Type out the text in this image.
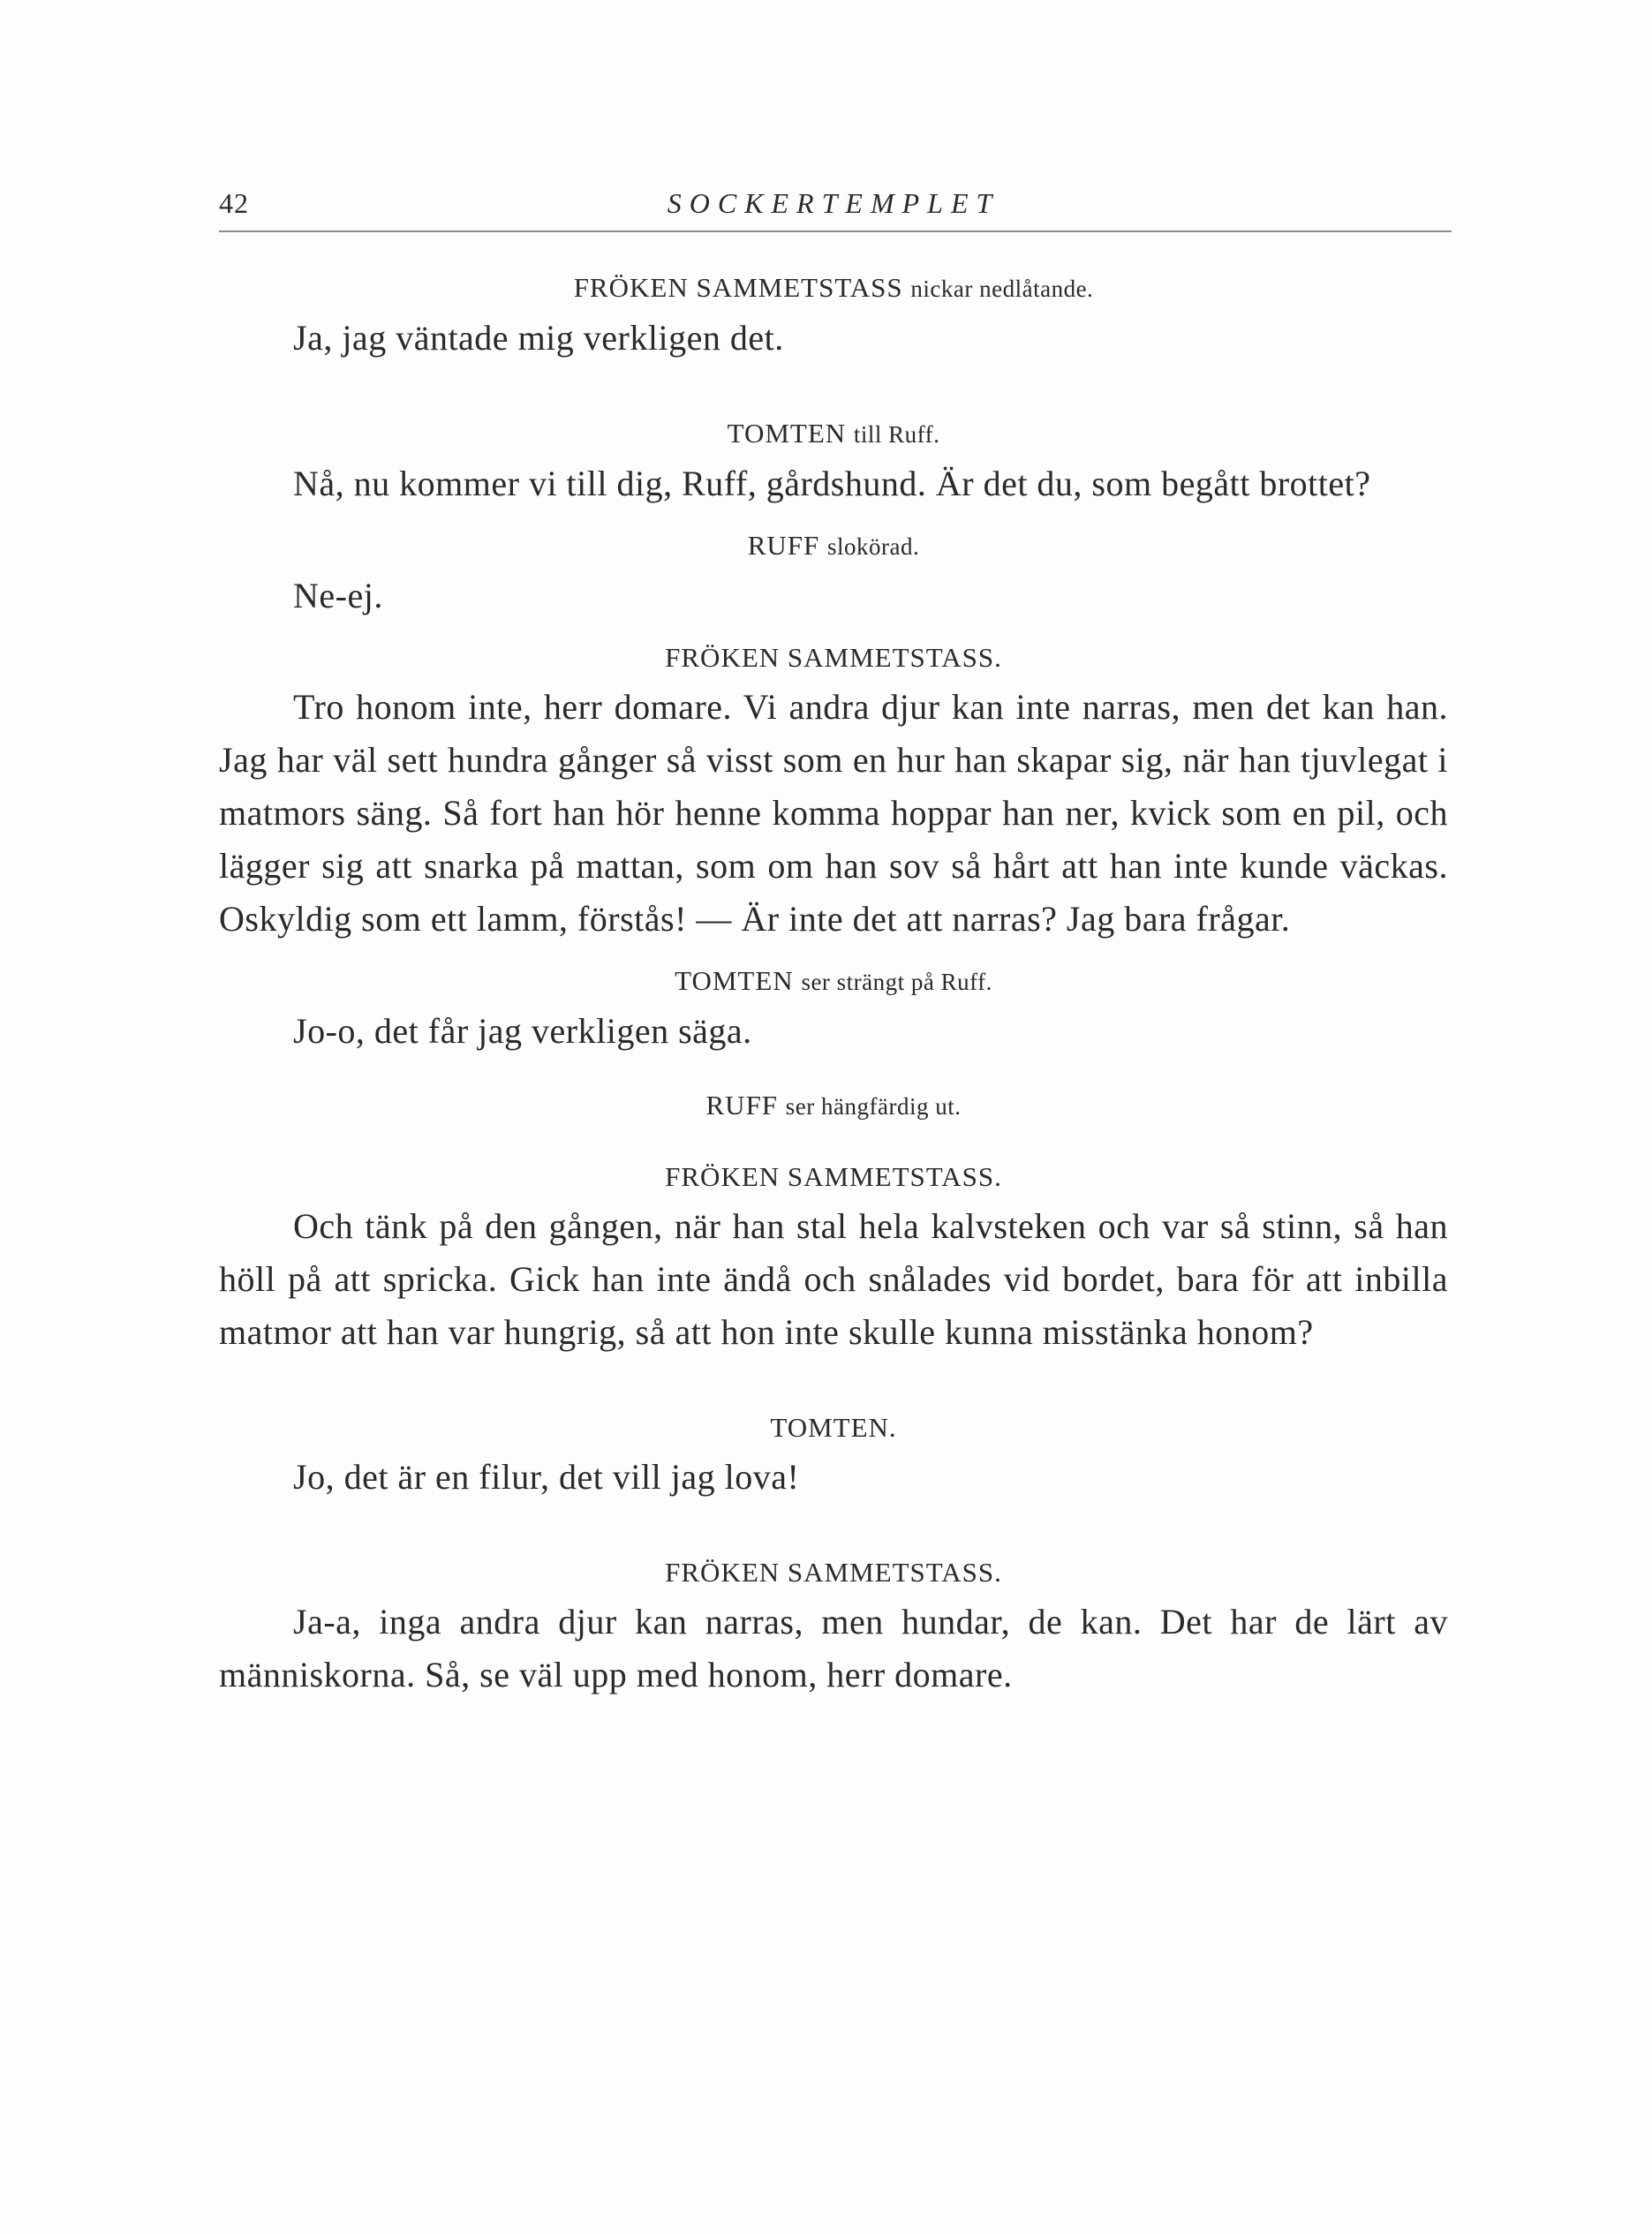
42	SOCKERTEMPLET

FRÖKEN SAMMETSTASS nickar nedlåtande.

Ja, jag väntade mig verkligen det.

TOMTEN till Ruff.

Nå, nu kommer vi till dig, Ruff, gårdshund. Är det du, som begått brottet?

RUFF slokörad.

Ne-ej.

FRÖKEN SAMMETSTASS.

Tro honom inte, herr domare. Vi andra djur kan inte narras, men det kan han. Jag har väl sett hundra gånger så visst som en hur han skapar sig, när han tjuvlegat i matmors säng. Så fort han hör henne komma hoppar han ner, kvick som en pil, och lägger sig att snarka på mattan, som om han sov så hårt att han inte kunde väckas. Oskyldig som ett lamm, förstås! — Är inte det att narras? Jag bara frågar.

TOMTEN ser strängt på Ruff.

Jo-o, det får jag verkligen säga.

RUFF ser hängfärdig ut.

FRÖKEN SAMMETSTASS.

Och tänk på den gången, när han stal hela kalvsteken och var så stinn, så han höll på att spricka. Gick han inte ändå och snålades vid bordet, bara för att inbilla matmor att han var hungrig, så att hon inte skulle kunna misstänka honom?

TOMTEN.

Jo, det är en filur, det vill jag lova!

FRÖKEN SAMMETSTASS.

Ja-a, inga andra djur kan narras, men hundar, de kan. Det har de lärt av människorna. Så, se väl upp med honom, herr domare.
